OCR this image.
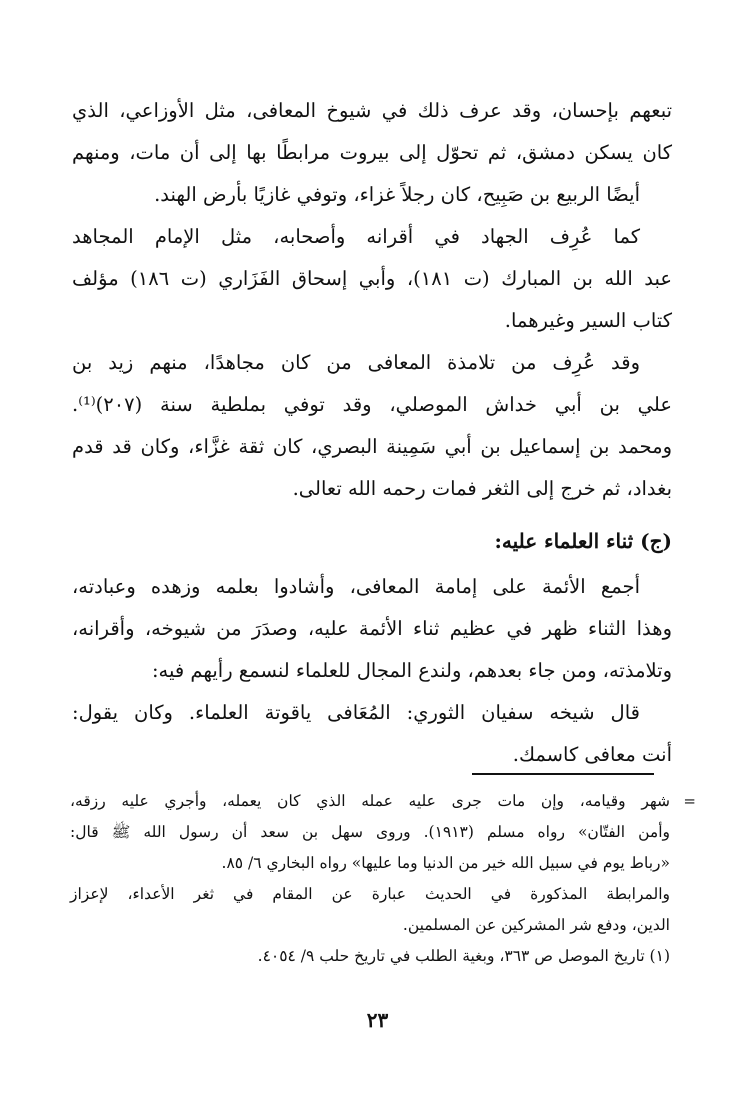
تبعهم بإحسان، وقد عرف ذلك في شيوخ المعافى، مثل الأوزاعي، الذي
كان يسكن دمشق، ثم تحوّل إلى بيروت مرابطًا بها إلى أن مات، ومنهم
أيضًا الربيع بن صَبِيح، كان رجلاً غزاء، وتوفي غازيًا بأرض الهند.

كما عُرِف الجهاد في أقرانه وأصحابه، مثل الإمام المجاهد
عبد الله بن المبارك (ت ١٨١)، وأبي إسحاق الفَزَاري (ت ١٨٦) مؤلف
كتاب السير وغيرهما.

وقد عُرِف من تلامذة المعافى من كان مجاهدًا، منهم زيد بن
علي بن أبي خداش الموصلي، وقد توفي بملطية سنة (٢٠٧)⁽¹⁾.
ومحمد بن إسماعيل بن أبي سَمِينة البصري، كان ثقة غزَّاء، وكان قد قدم
بغداد، ثم خرج إلى الثغر فمات رحمه الله تعالى.

(ج) ثناء العلماء عليه:

أجمع الأئمة على إمامة المعافى، وأشادوا بعلمه وزهده وعبادته،
وهذا الثناء ظهر في عظيم ثناء الأئمة عليه، وصدَرَ من شيوخه، وأقرانه،
وتلامذته، ومن جاء بعدهم، ولندع المجال للعلماء لنسمع رأيهم فيه:

قال شيخه سفيان الثوري: المُعَافى ياقوتة العلماء. وكان يقول:
أنت معافى كاسمك.

=
شهر وقيامه، وإن مات جرى عليه عمله الذي كان يعمله، وأجري عليه رزقه،
وأمن الفتّان» رواه مسلم (١٩١٣). وروى سهل بن سعد أن رسول الله ﷺ قال:
«رباط يوم في سبيل الله خير من الدنيا وما عليها» رواه البخاري ٦/ ٨٥.
والمرابطة المذكورة في الحديث عبارة عن المقام في ثغر الأعداء، لإعزاز
الدين، ودفع شر المشركين عن المسلمين.
(١) تاريخ الموصل ص ٣٦٣، وبغية الطلب في تاريخ حلب ٩/ ٤٠٥٤.
٢٣
